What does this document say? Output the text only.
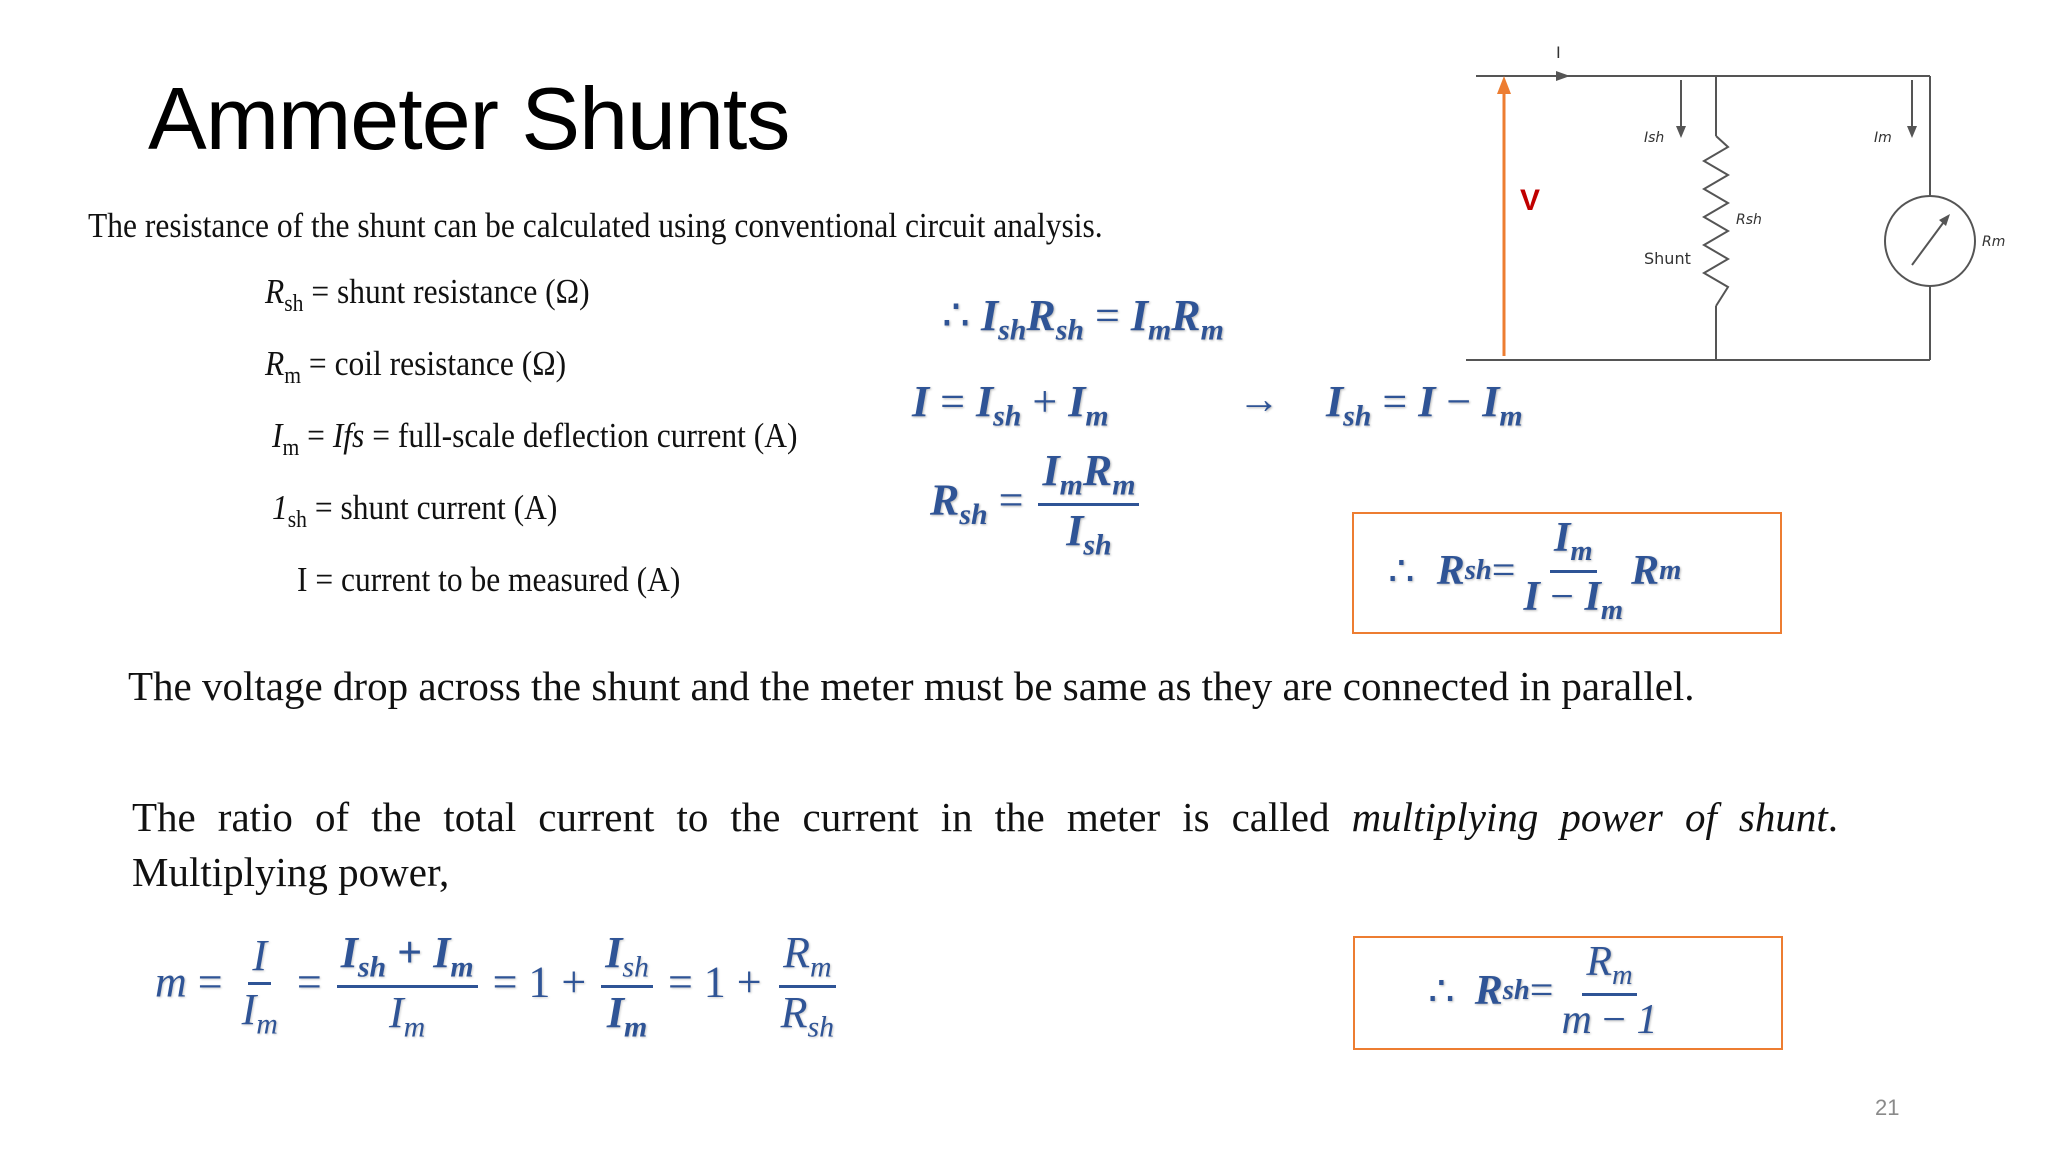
Ammeter Shunts
The resistance of the shunt can be calculated using conventional circuit analysis.
$R_{sh}$ = shunt resistance (Ω)
$R_m$ = coil resistance (Ω)
$I_m$ = Ifs = full-scale deflection current (A)
$1_{sh}$ = shunt current (A)
I = current to be measured (A)
∴ $I_{sh}R_{sh} = I_mR_m$
$I = I_{sh} + I_m$	→ $I_{sh} = I - I_m$
$R_{sh} = \frac{I_mR_m}{I_{sh}}$
∴ R sh = $\frac{I_m}{I - I_m}$ R m
The voltage drop across the shunt and the meter must be same as they are connected in parallel.
The ratio of the total current to the current in the meter is called multiplying power of shunt. Multiplying power,
$m = \frac{I}{I_m} = \frac{I_{sh} + I_m}{I_m} = 1 + \frac{I_{sh}}{I_m} = 1 + \frac{R_m}{R_{sh}}$	∴ R sh = $\frac{R_m}{m - 1}$
I
V
Ish	Im
Rsh
Shunt
Rm
21
